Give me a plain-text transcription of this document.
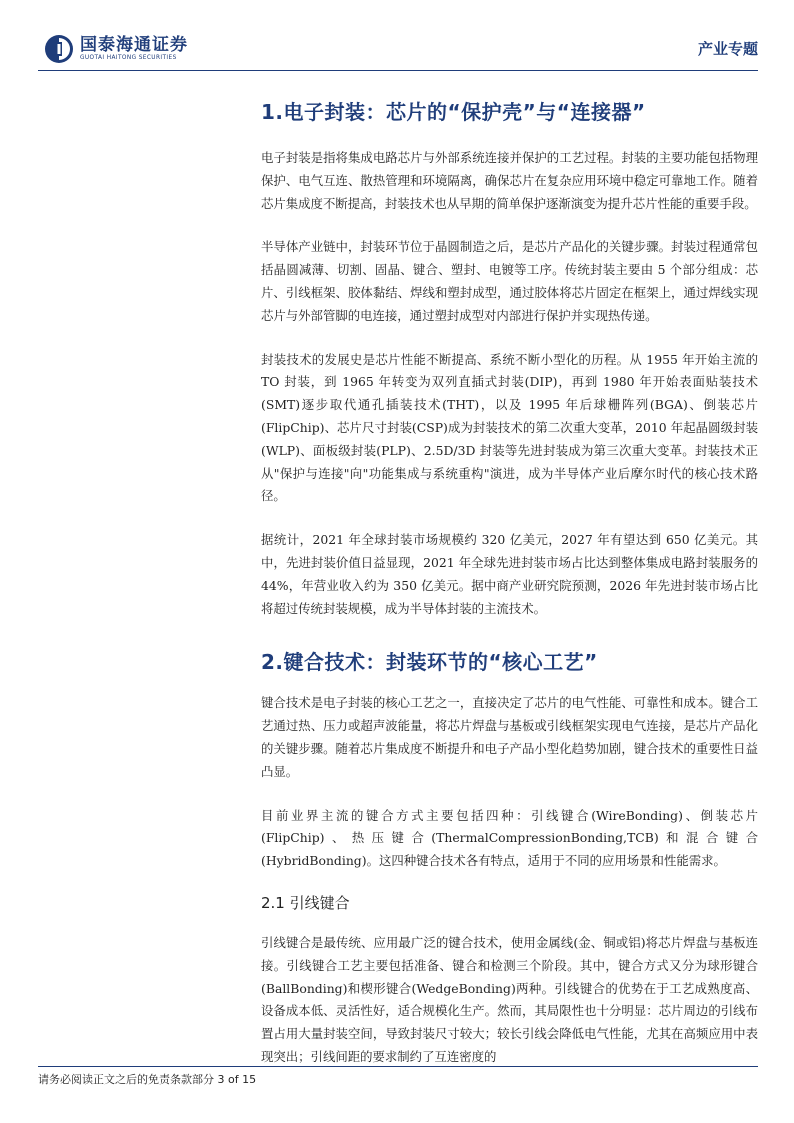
国泰海通证券
GUOTAI HAITONG SECURITIES	产业专题
1.电子封装：芯片的“保护壳”与“连接器”

电子封装是指将集成电路芯片与外部系统连接并保护的工艺过程。封装的主要功能包括物理保护、电气互连、散热管理和环境隔离，确保芯片在复杂应用环境中稳定可靠地工作。随着芯片集成度不断提高，封装技术也从早期的简单保护逐渐演变为提升芯片性能的重要手段。

半导体产业链中，封装环节位于晶圆制造之后，是芯片产品化的关键步骤。封装过程通常包括晶圆减薄、切割、固晶、键合、塑封、电镀等工序。传统封装主要由 5 个部分组成：芯片、引线框架、胶体黏结、焊线和塑封成型，通过胶体将芯片固定在框架上，通过焊线实现芯片与外部管脚的电连接，通过塑封成型对内部进行保护并实现热传递。

封装技术的发展史是芯片性能不断提高、系统不断小型化的历程。从 1955 年开始主流的 TO 封装，到 1965 年转变为双列直插式封装(DIP)，再到 1980 年开始表面贴装技术(SMT)逐步取代通孔插装技术(THT)，以及 1995 年后球栅阵列(BGA)、倒装芯片(FlipChip)、芯片尺寸封装(CSP)成为封装技术的第二次重大变革，2010 年起晶圆级封装(WLP)、面板级封装(PLP)、2.5D/3D 封装等先进封装成为第三次重大变革。封装技术正从"保护与连接"向"功能集成与系统重构"演进，成为半导体产业后摩尔时代的核心技术路径。

据统计，2021 年全球封装市场规模约 320 亿美元，2027 年有望达到 650 亿美元。其中，先进封装价值日益显现，2021 年全球先进封装市场占比达到整体集成电路封装服务的 44%，年营业收入约为 350 亿美元。据中商产业研究院预测，2026 年先进封装市场占比将超过传统封装规模，成为半导体封装的主流技术。

2.键合技术：封装环节的“核心工艺”

键合技术是电子封装的核心工艺之一，直接决定了芯片的电气性能、可靠性和成本。键合工艺通过热、压力或超声波能量，将芯片焊盘与基板或引线框架实现电气连接，是芯片产品化的关键步骤。随着芯片集成度不断提升和电子产品小型化趋势加剧，键合技术的重要性日益凸显。

目前业界主流的键合方式主要包括四种：引线键合(WireBonding)、倒装芯片(FlipChip)、热压键合(ThermalCompressionBonding,TCB)和混合键合(HybridBonding)。这四种键合技术各有特点，适用于不同的应用场景和性能需求。

2.1 引线键合

引线键合是最传统、应用最广泛的键合技术，使用金属线(金、铜或铝)将芯片焊盘与基板连接。引线键合工艺主要包括准备、键合和检测三个阶段。其中，键合方式又分为球形键合(BallBonding)和楔形键合(WedgeBonding)两种。引线键合的优势在于工艺成熟度高、设备成本低、灵活性好，适合规模化生产。然而，其局限性也十分明显：芯片周边的引线布置占用大量封装空间，导致封装尺寸较大；较长引线会降低电气性能，尤其在高频应用中表现突出；引线间距的要求制约了互连密度的

请务必阅读正文之后的免责条款部分 3 of 15
